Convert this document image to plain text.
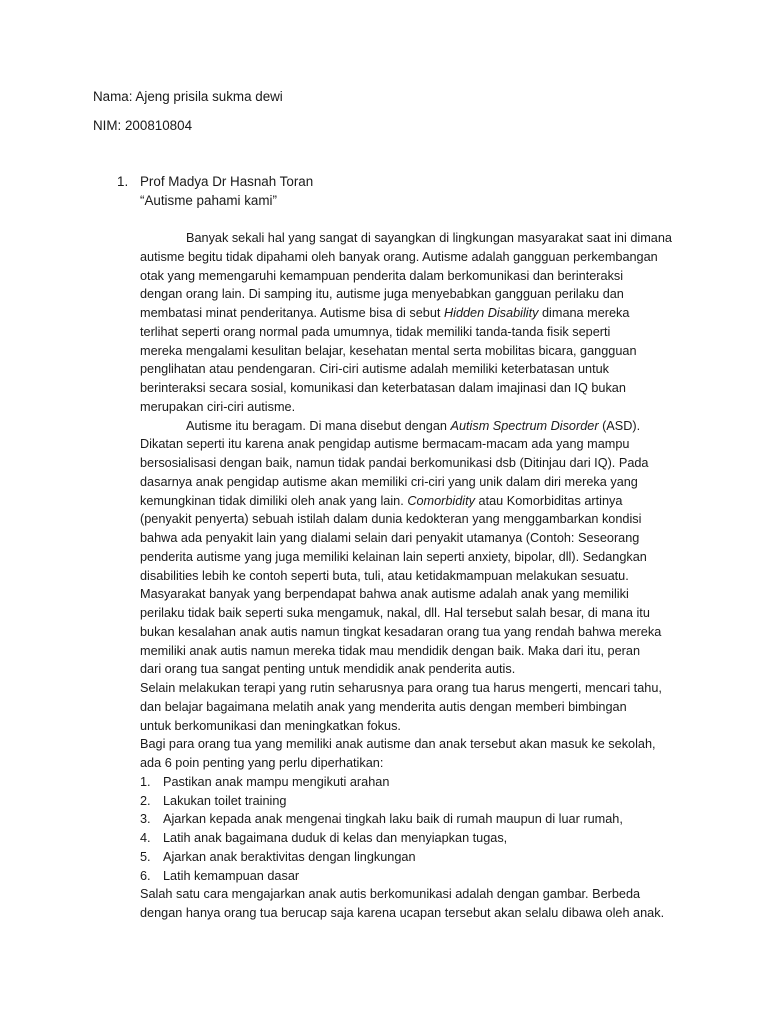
Nama: Ajeng prisila sukma dewi
NIM: 200810804
1. Prof Madya Dr Hasnah Toran
“Autisme pahami kami”
Banyak sekali hal yang sangat di sayangkan di lingkungan masyarakat saat ini dimana
autisme begitu tidak dipahami oleh banyak orang. Autisme adalah gangguan perkembangan
otak yang memengaruhi kemampuan penderita dalam berkomunikasi dan berinteraksi
dengan orang lain. Di samping itu, autisme juga menyebabkan gangguan perilaku dan
membatasi minat penderitanya. Autisme bisa di sebut Hidden Disability dimana mereka
terlihat seperti orang normal pada umumnya, tidak memiliki tanda-tanda fisik seperti
mereka mengalami kesulitan belajar, kesehatan mental serta mobilitas bicara, gangguan
penglihatan atau pendengaran. Ciri-ciri autisme adalah memiliki keterbatasan untuk
berinteraksi secara sosial, komunikasi dan keterbatasan dalam imajinasi dan IQ bukan
merupakan ciri-ciri autisme.
Autisme itu beragam. Di mana disebut dengan Autism Spectrum Disorder (ASD).
Dikatan seperti itu karena anak pengidap autisme bermacam-macam ada yang mampu
bersosialisasi dengan baik, namun tidak pandai berkomunikasi dsb (Ditinjau dari IQ). Pada
dasarnya anak pengidap autisme akan memiliki cri-ciri yang unik dalam diri mereka yang
kemungkinan tidak dimiliki oleh anak yang lain. Comorbidity atau Komorbiditas artinya
(penyakit penyerta) sebuah istilah dalam dunia kedokteran yang menggambarkan kondisi
bahwa ada penyakit lain yang dialami selain dari penyakit utamanya (Contoh: Seseorang
penderita autisme yang juga memiliki kelainan lain seperti anxiety, bipolar, dll). Sedangkan
disabilities lebih ke contoh seperti buta, tuli, atau ketidakmampuan melakukan sesuatu.
Masyarakat banyak yang berpendapat bahwa anak autisme adalah anak yang memiliki
perilaku tidak baik seperti suka mengamuk, nakal, dll. Hal tersebut salah besar, di mana itu
bukan kesalahan anak autis namun tingkat kesadaran orang tua yang rendah bahwa mereka
memiliki anak autis namun mereka tidak mau mendidik dengan baik. Maka dari itu, peran
dari orang tua sangat penting untuk mendidik anak penderita autis.
Selain melakukan terapi yang rutin seharusnya para orang tua harus mengerti, mencari tahu,
dan belajar bagaimana melatih anak yang menderita autis dengan memberi bimbingan
untuk berkomunikasi dan meningkatkan fokus.
Bagi para orang tua yang memiliki anak autisme dan anak tersebut akan masuk ke sekolah,
ada 6 poin penting yang perlu diperhatikan:
1. Pastikan anak mampu mengikuti arahan
2. Lakukan toilet training
3. Ajarkan kepada anak mengenai tingkah laku baik di rumah maupun di luar rumah,
4. Latih anak bagaimana duduk di kelas dan menyiapkan tugas,
5. Ajarkan anak beraktivitas dengan lingkungan
6. Latih kemampuan dasar
Salah satu cara mengajarkan anak autis berkomunikasi adalah dengan gambar. Berbeda
dengan hanya orang tua berucap saja karena ucapan tersebut akan selalu dibawa oleh anak.
